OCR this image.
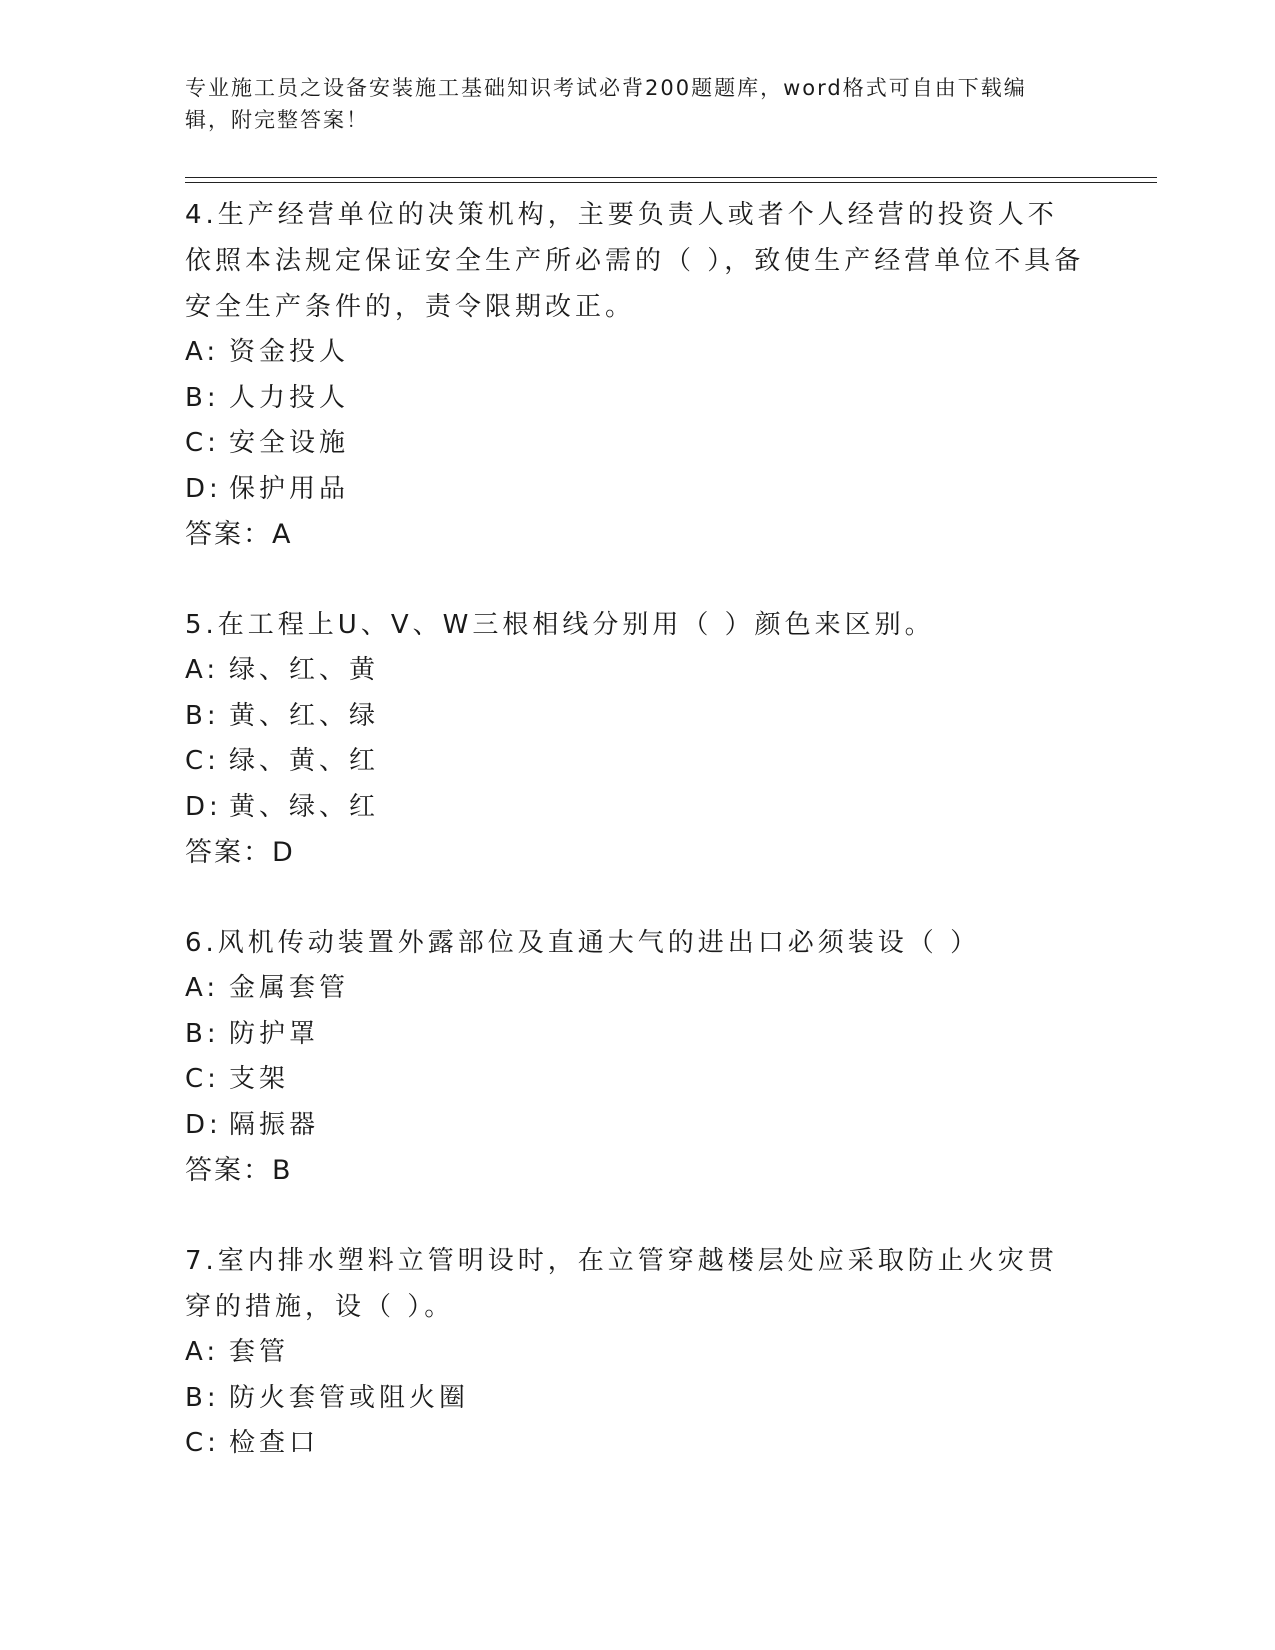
专业施工员之设备安装施工基础知识考试必背200题题库，word格式可自由下载编辑，附完整答案！

4.生产经营单位的决策机构，主要负责人或者个人经营的投资人不依照本法规定保证安全生产所必需的（ ），致使生产经营单位不具备安全生产条件的，责令限期改正。

A: 资金投人

B: 人力投人

C: 安全设施

D: 保护用品

答案：A

5.在工程上U、V、W三根相线分别用（ ）颜色来区别。

A: 绿、红、黄

B: 黄、红、绿

C: 绿、黄、红

D: 黄、绿、红

答案：D

6.风机传动装置外露部位及直通大气的进出口必须装设（ ）

A: 金属套管

B: 防护罩

C: 支架

D: 隔振器

答案：B

7.室内排水塑料立管明设时，在立管穿越楼层处应采取防止火灾贯穿的措施，设（ ）。

A: 套管

B: 防火套管或阻火圈

C: 检查口
